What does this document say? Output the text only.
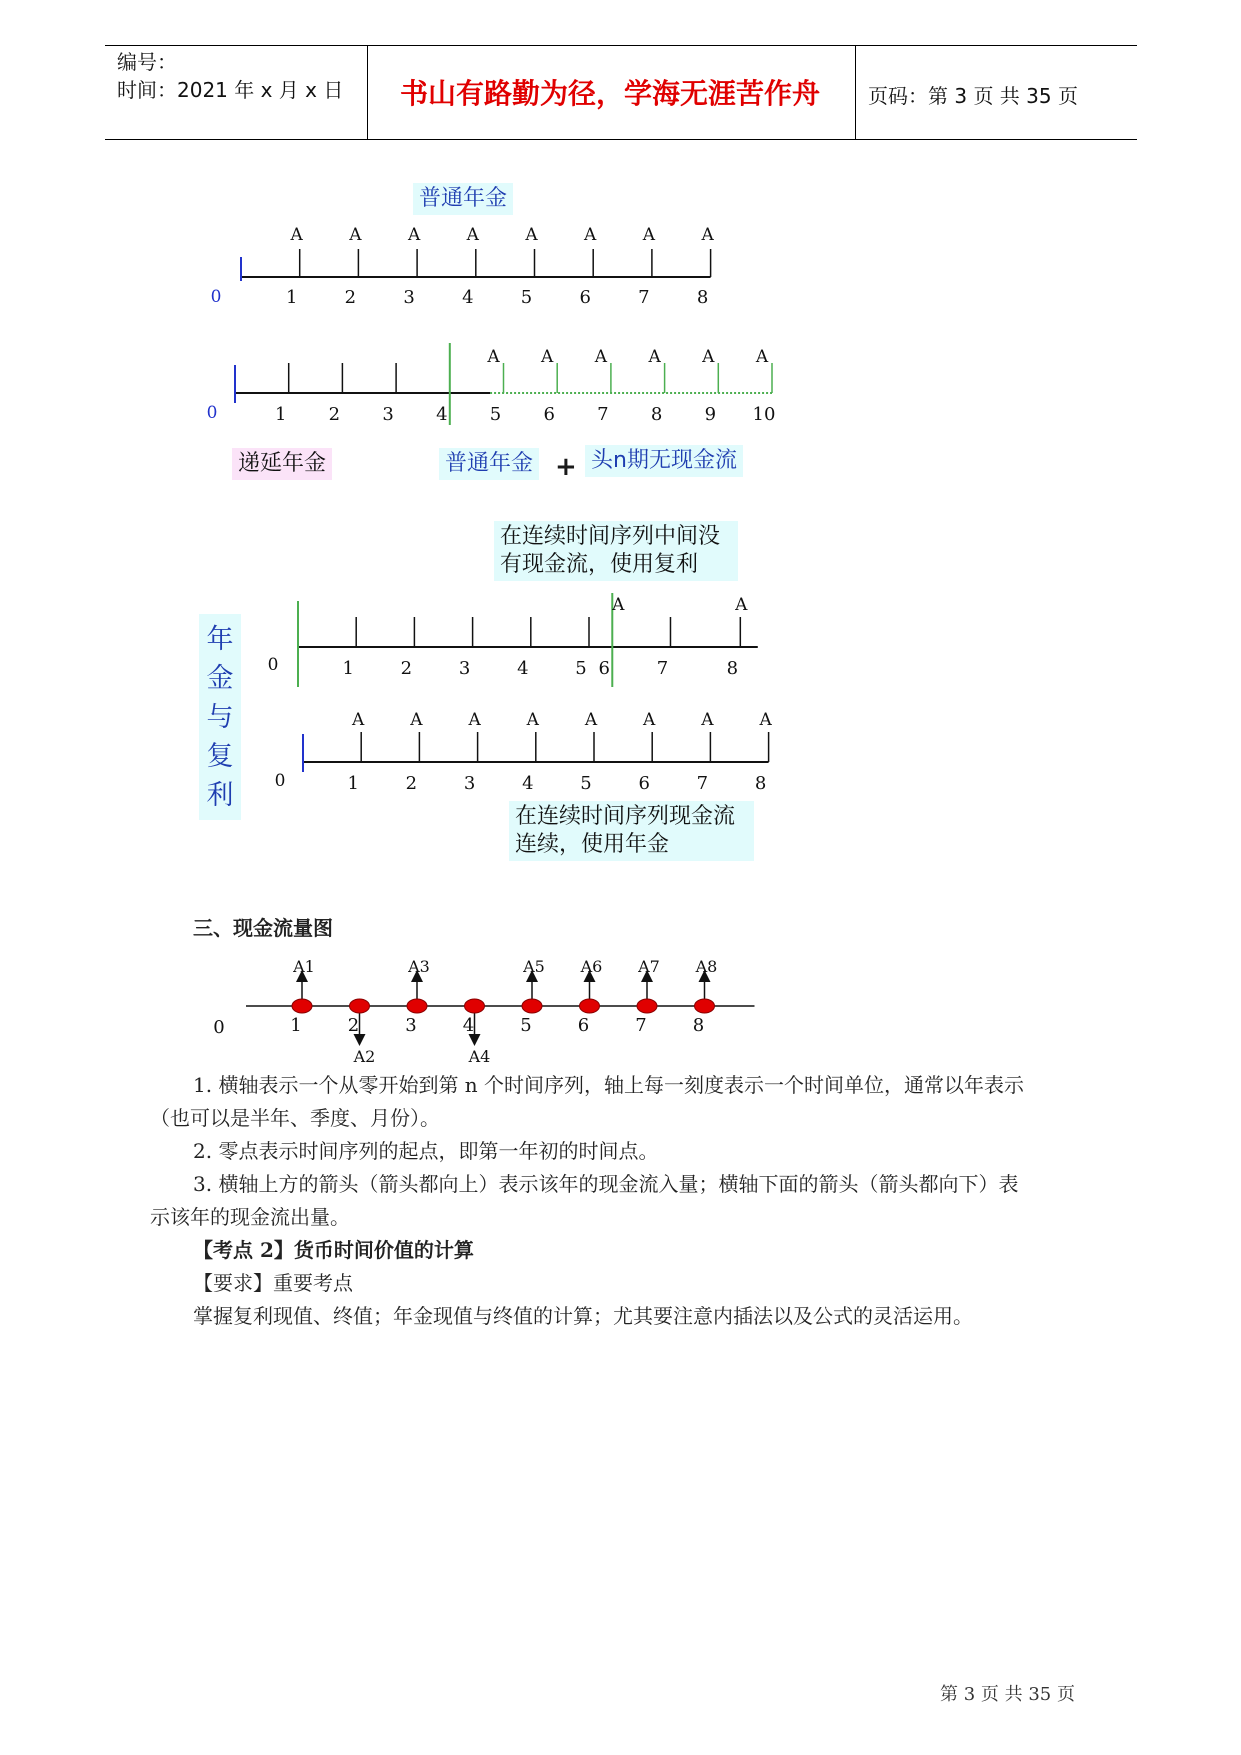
编号：
时间：2021 年 x 月 x 日	书山有路勤为径，学海无涯苦作舟	页码：第 3 页 共 35 页
普通年金
递延年金	普通年金 + 头n期无现金流
在连续时间序列中间没
有现金流，使用复利
年金与复利
在连续时间序列现金流
连续，使用年金
0	1
A
2
A
3
A
4
A
5
A
6
A
7
A
8
A
0	1 2 3 4 5
A
6
A
7
A
8
A
9
A
10
A
0	1	2	3	4	5 6
A
7	8
A
0	1
A
2
A
3
A
4
A
5
A
6
A
7
A
8
A
0
A1
1
A2
2
A3
3
A4
4
A5
5
A6
6
A7
7
A8
8
三、现金流量图
1. 横轴表示一个从零开始到第 n 个时间序列，轴上每一刻度表示一个时间单位，通常以年表示
（也可以是半年、季度、月份）。
2. 零点表示时间序列的起点，即第一年初的时间点。
3. 横轴上方的箭头（箭头都向上）表示该年的现金流入量；横轴下面的箭头（箭头都向下）表
示该年的现金流出量。
【考点 2】货币时间价值的计算
【要求】重要考点
掌握复利现值、终值；年金现值与终值的计算；尤其要注意内插法以及公式的灵活运用。
第 3 页 共 35 页
